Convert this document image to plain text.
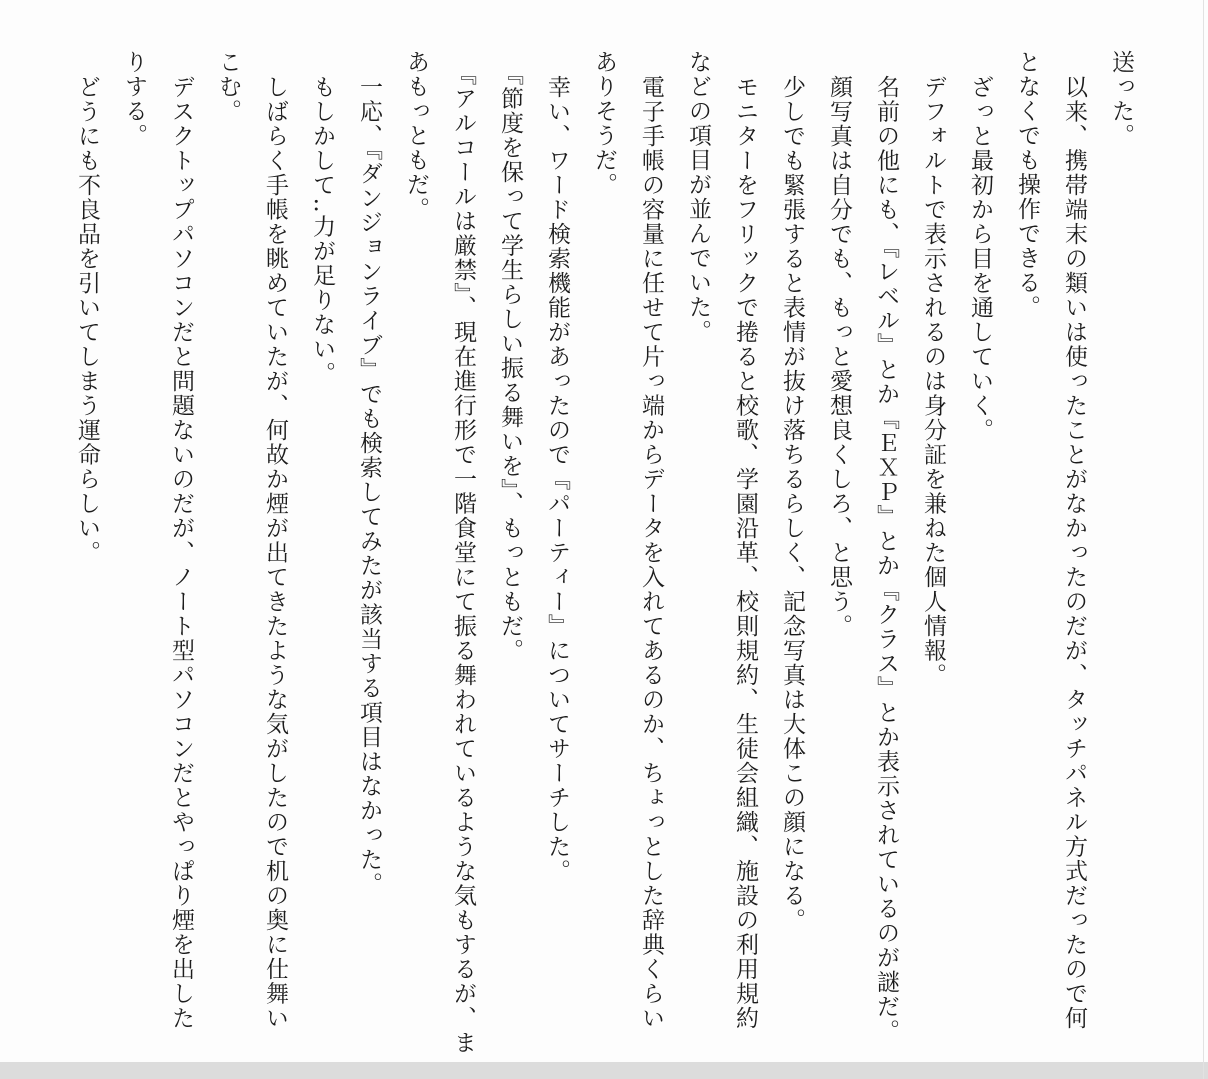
送った。
以来、携帯端末の類いは使ったことがなかったのだが、タッチパネル方式だったので何
となくでも操作できる。
ざっと最初から目を通していく。
デフォルトで表示されるのは身分証を兼ねた個人情報。
名前の他にも、『レベル』とか『ＥＸＰ』とか『クラス』とか表示されているのが謎だ。
顔写真は自分でも、もっと愛想良くしろ、と思う。
少しでも緊張すると表情が抜け落ちるらしく、記念写真は大体この顔になる。
モニターをフリックで捲ると校歌、学園沿革、校則規約、生徒会組織、施設の利用規約
などの項目が並んでいた。
電子手帳の容量に任せて片っ端からデータを入れてあるのか、ちょっとした辞典くらい
ありそうだ。
幸い、ワード検索機能があったので『パーティー』についてサーチした。
『節度を保って学生らしい振る舞いを』、もっともだ。
『アルコールは厳禁』、現在進行形で一階食堂にて振る舞われているような気もするが、ま
あもっともだ。
一応、『ダンジョンライブ』でも検索してみたが該当する項目はなかった。
もしかして‥力が足りない。
しばらく手帳を眺めていたが、何故か煙が出てきたような気がしたので机の奥に仕舞い
こむ。
デスクトップパソコンだと問題ないのだが、ノート型パソコンだとやっぱり煙を出した
りする。
どうにも不良品を引いてしまう運命らしい。
